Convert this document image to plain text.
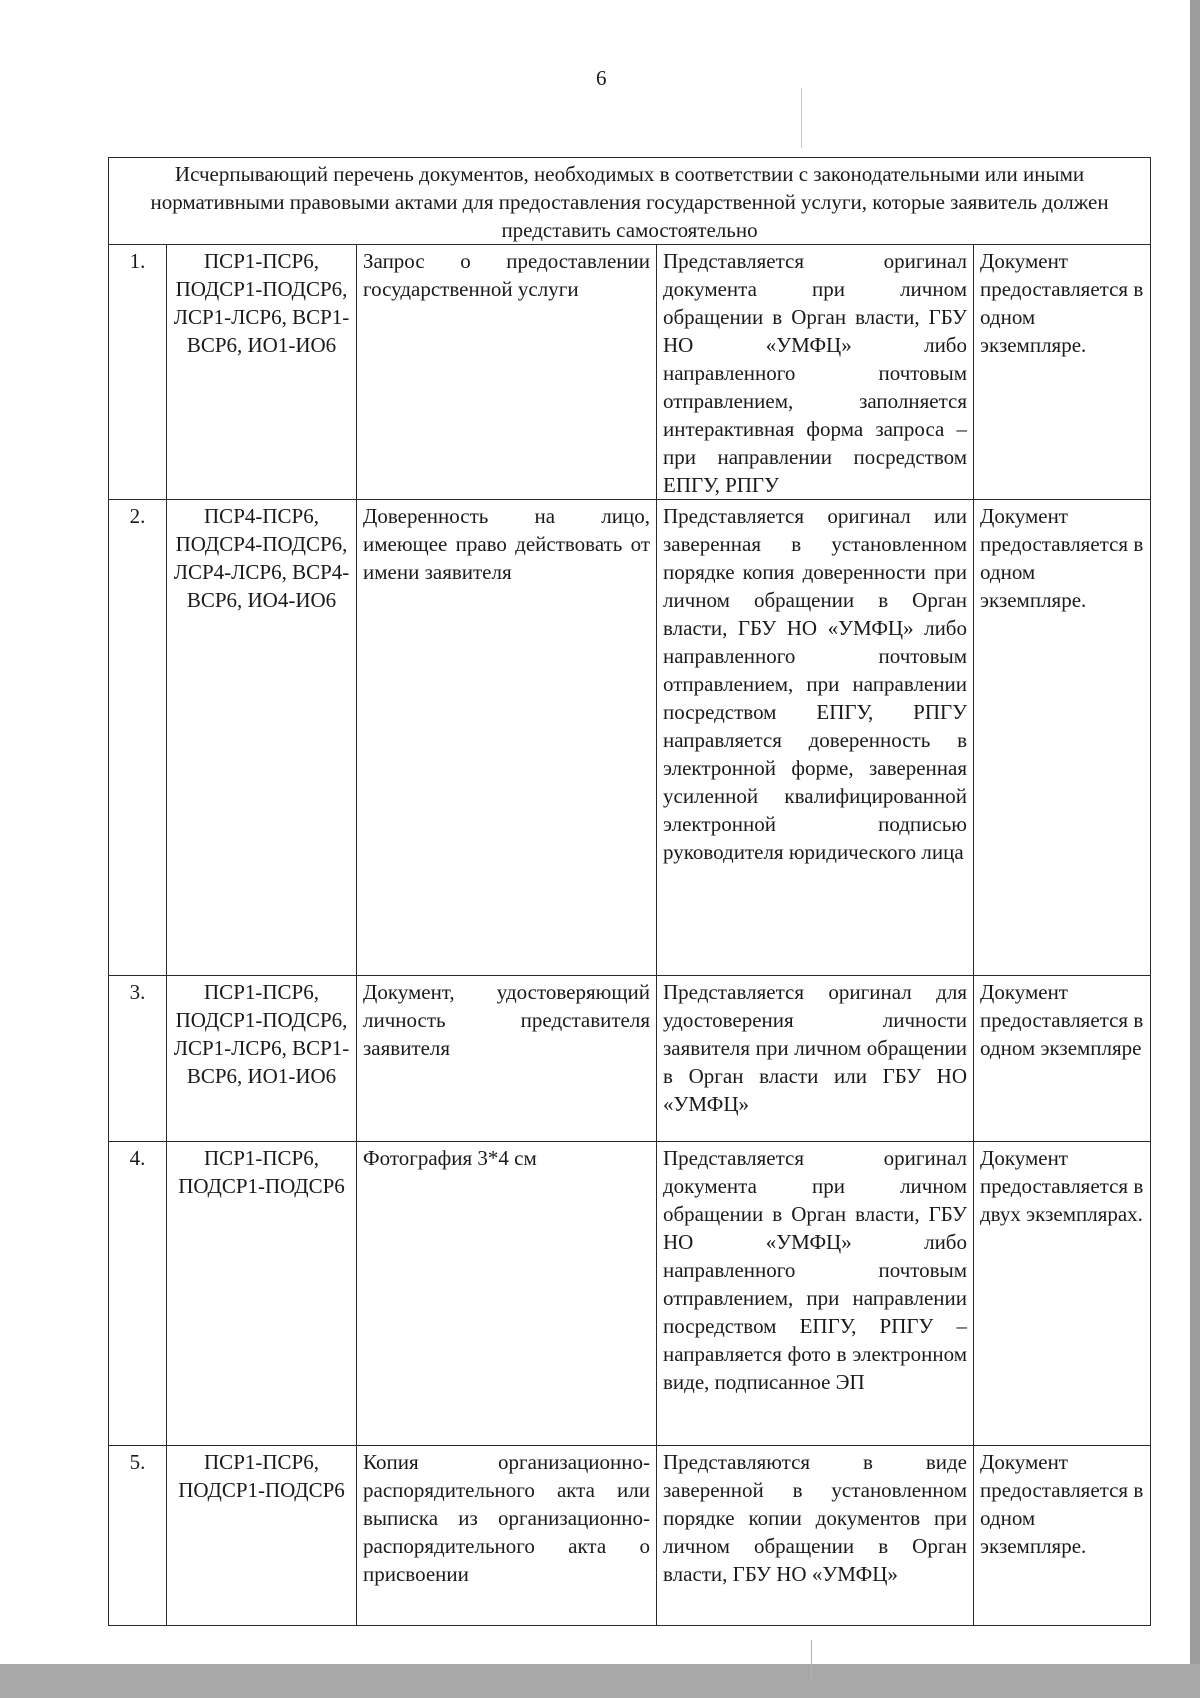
6
Исчерпывающий перечень документов, необходимых в соответствии с законодательными или иными нормативными правовыми актами для предоставления государственной услуги, которые заявитель должен представить самостоятельно				
1.	ПСР1-ПСР6, ПОДСР1-ПОДСР6, ЛСР1-ЛСР6, ВСР1-ВСР6, ИО1-ИО6	Запрос о предоставлении государственной услуги	Представляется оригинал документа при личном обращении в Орган власти, ГБУ НО «УМФЦ» либо направленного почтовым отправлением, заполняется интерактивная форма запроса – при направлении посредством ЕПГУ, РПГУ	Документ предоставляется в одном экземпляре.
2.	ПСР4-ПСР6, ПОДСР4-ПОДСР6, ЛСР4-ЛСР6, ВСР4-ВСР6, ИО4-ИО6	Доверенность на лицо, имеющее право действовать от имени заявителя	Представляется оригинал или заверенная в установленном порядке копия доверенности при личном обращении в Орган власти, ГБУ НО «УМФЦ» либо направленного почтовым отправлением, при направлении посредством ЕПГУ, РПГУ направляется доверенность в электронной форме, заверенная усиленной квалифицированной электронной подписью руководителя юридического лица	Документ предоставляется в одном экземпляре.
3.	ПСР1-ПСР6, ПОДСР1-ПОДСР6, ЛСР1-ЛСР6, ВСР1-ВСР6, ИО1-ИО6	Документ, удостоверяющий личность представителя заявителя	Представляется оригинал для удостоверения личности заявителя при личном обращении в Орган власти или ГБУ НО «УМФЦ»	Документ предоставляется в одном экземпляре
4.	ПСР1-ПСР6, ПОДСР1-ПОДСР6	Фотография 3*4 см	Представляется оригинал документа при личном обращении в Орган власти, ГБУ НО «УМФЦ» либо направленного почтовым отправлением, при направлении посредством ЕПГУ, РПГУ – направляется фото в электронном виде, подписанное ЭП	Документ предоставляется в двух экземплярах.
5.	ПСР1-ПСР6, ПОДСР1-ПОДСР6	Копия организационно-распорядительного акта или выписка из организационно-распорядительного акта о присвоении	Представляются в виде заверенной в установленном порядке копии документов при личном обращении в Орган власти, ГБУ НО «УМФЦ»	Документ предоставляется в одном экземпляре.
